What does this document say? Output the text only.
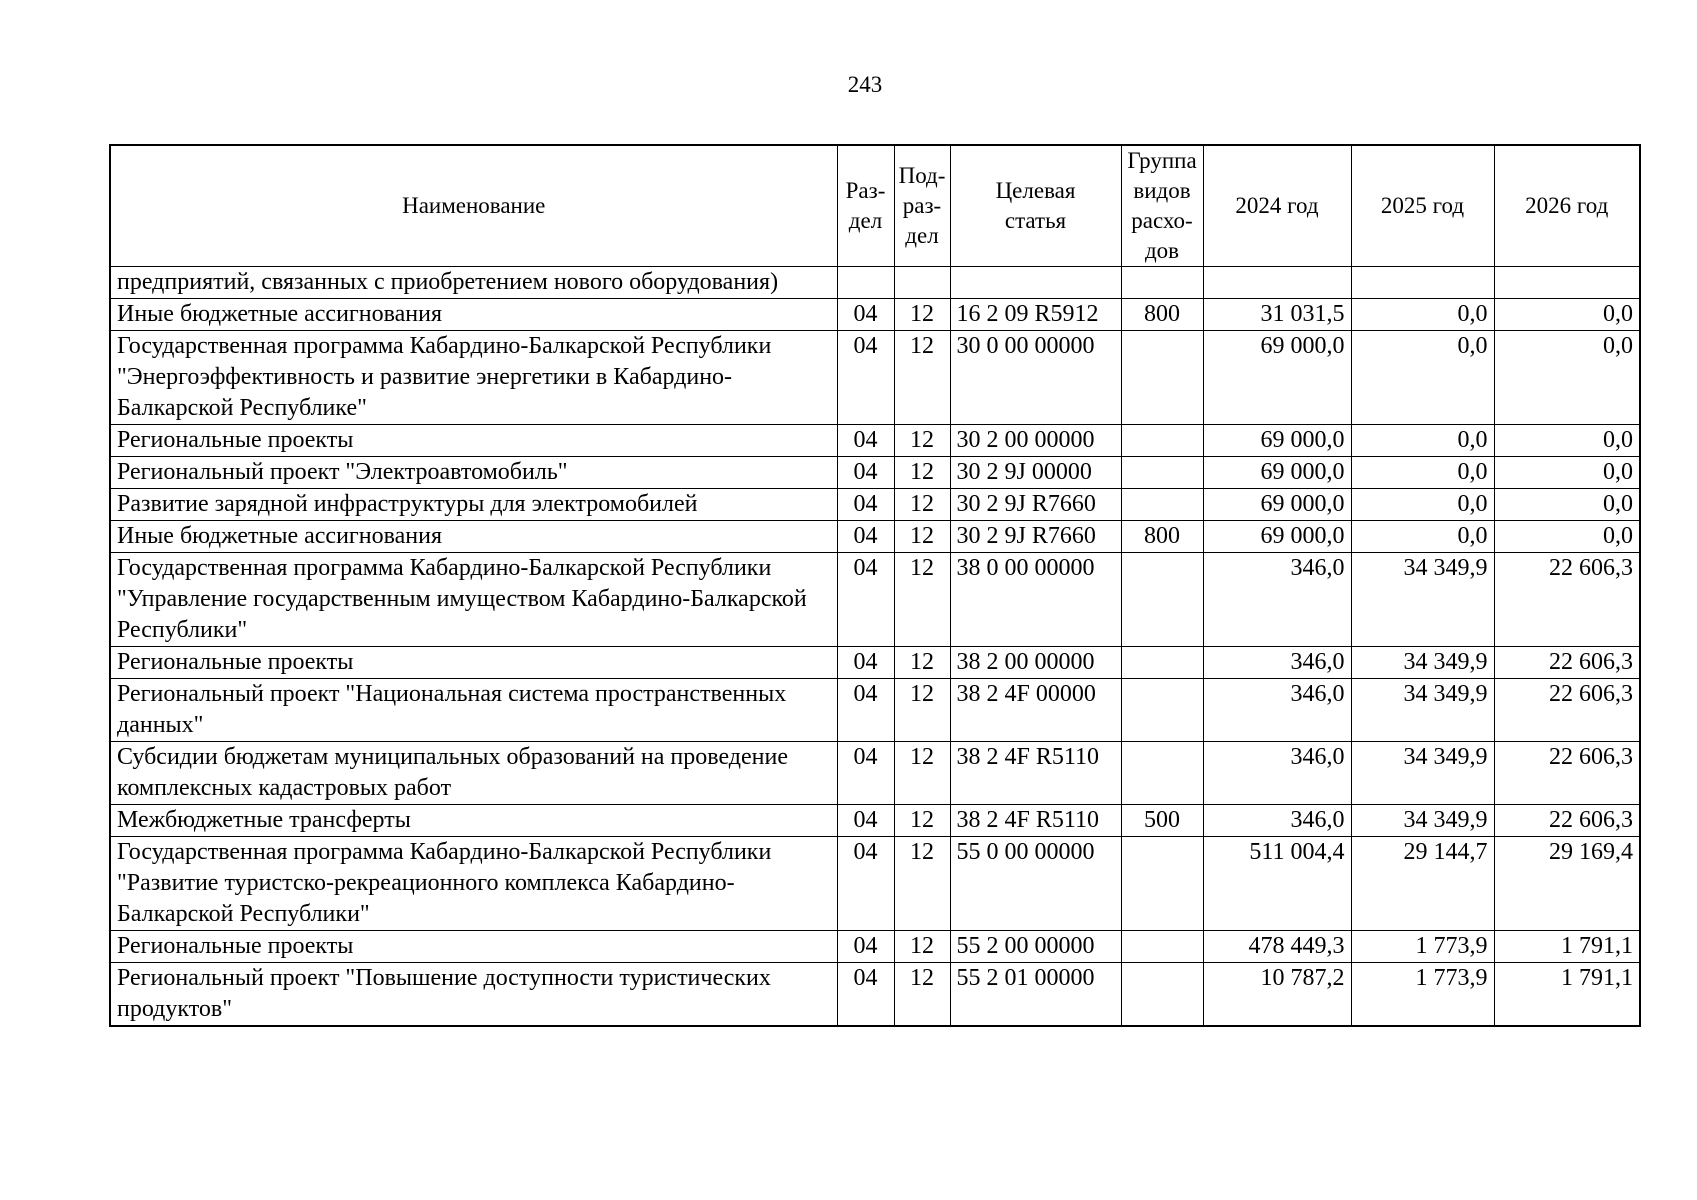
243
Наименование	Раз-дел	Под-раз-дел	Целевая статья	Группа видов расхо-дов	2024 год	2025 год	2026 год
предприятий, связанных с приобретением нового оборудования)							
Иные бюджетные ассигнования	04	12	16 2 09 R5912	800	31 031,5	0,0	0,0
Государственная программа Кабардино-Балкарской Республики "Энергоэффективность и развитие энергетики в Кабардино-Балкарской Республике"	04	12	30 0 00 00000		69 000,0	0,0	0,0
Региональные проекты	04	12	30 2 00 00000		69 000,0	0,0	0,0
Региональный проект "Электроавтомобиль"	04	12	30 2 9J 00000		69 000,0	0,0	0,0
Развитие зарядной инфраструктуры для электромобилей	04	12	30 2 9J R7660		69 000,0	0,0	0,0
Иные бюджетные ассигнования	04	12	30 2 9J R7660	800	69 000,0	0,0	0,0
Государственная программа Кабардино-Балкарской Республики "Управление государственным имуществом Кабардино-Балкарской Республики"	04	12	38 0 00 00000		346,0	34 349,9	22 606,3
Региональные проекты	04	12	38 2 00 00000		346,0	34 349,9	22 606,3
Региональный проект "Национальная система пространственных данных"	04	12	38 2 4F 00000		346,0	34 349,9	22 606,3
Субсидии бюджетам муниципальных образований на проведение комплексных кадастровых работ	04	12	38 2 4F R5110		346,0	34 349,9	22 606,3
Межбюджетные трансферты	04	12	38 2 4F R5110	500	346,0	34 349,9	22 606,3
Государственная программа Кабардино-Балкарской Республики "Развитие туристско-рекреационного комплекса Кабардино-Балкарской Республики"	04	12	55 0 00 00000		511 004,4	29 144,7	29 169,4
Региональные проекты	04	12	55 2 00 00000		478 449,3	1 773,9	1 791,1
Региональный проект "Повышение доступности туристических продуктов"	04	12	55 2 01 00000		10 787,2	1 773,9	1 791,1
